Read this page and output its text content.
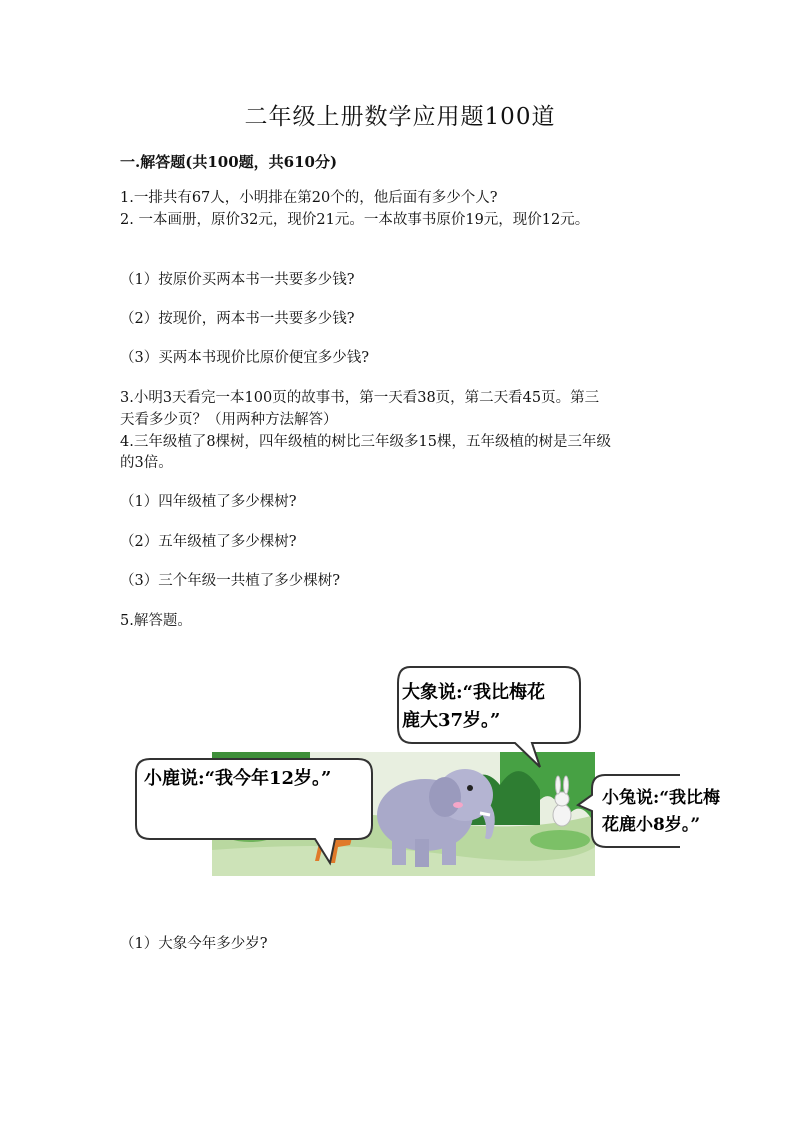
二年级上册数学应用题100道
一.解答题(共100题，共610分)
1.一排共有67人，小明排在第20个的，他后面有多少个人?
2. 一本画册，原价32元，现价21元。一本故事书原价19元，现价12元。
（1）按原价买两本书一共要多少钱?
（2）按现价，两本书一共要多少钱?
（3）买两本书现价比原价便宜多少钱?
3.小明3天看完一本100页的故事书，第一天看38页，第二天看45页。第三
天看多少页？（用两种方法解答）
4.三年级植了8棵树，四年级植的树比三年级多15棵，五年级植的树是三年级
的3倍。
（1）四年级植了多少棵树?
（2）五年级植了多少棵树?
（3）三个年级一共植了多少棵树?
5.解答题。
大象说:“我比梅花
鹿大37岁。”
小鹿说:“我今年12岁。”
小兔说:“我比梅
花鹿小8岁。”
（1）大象今年多少岁?
